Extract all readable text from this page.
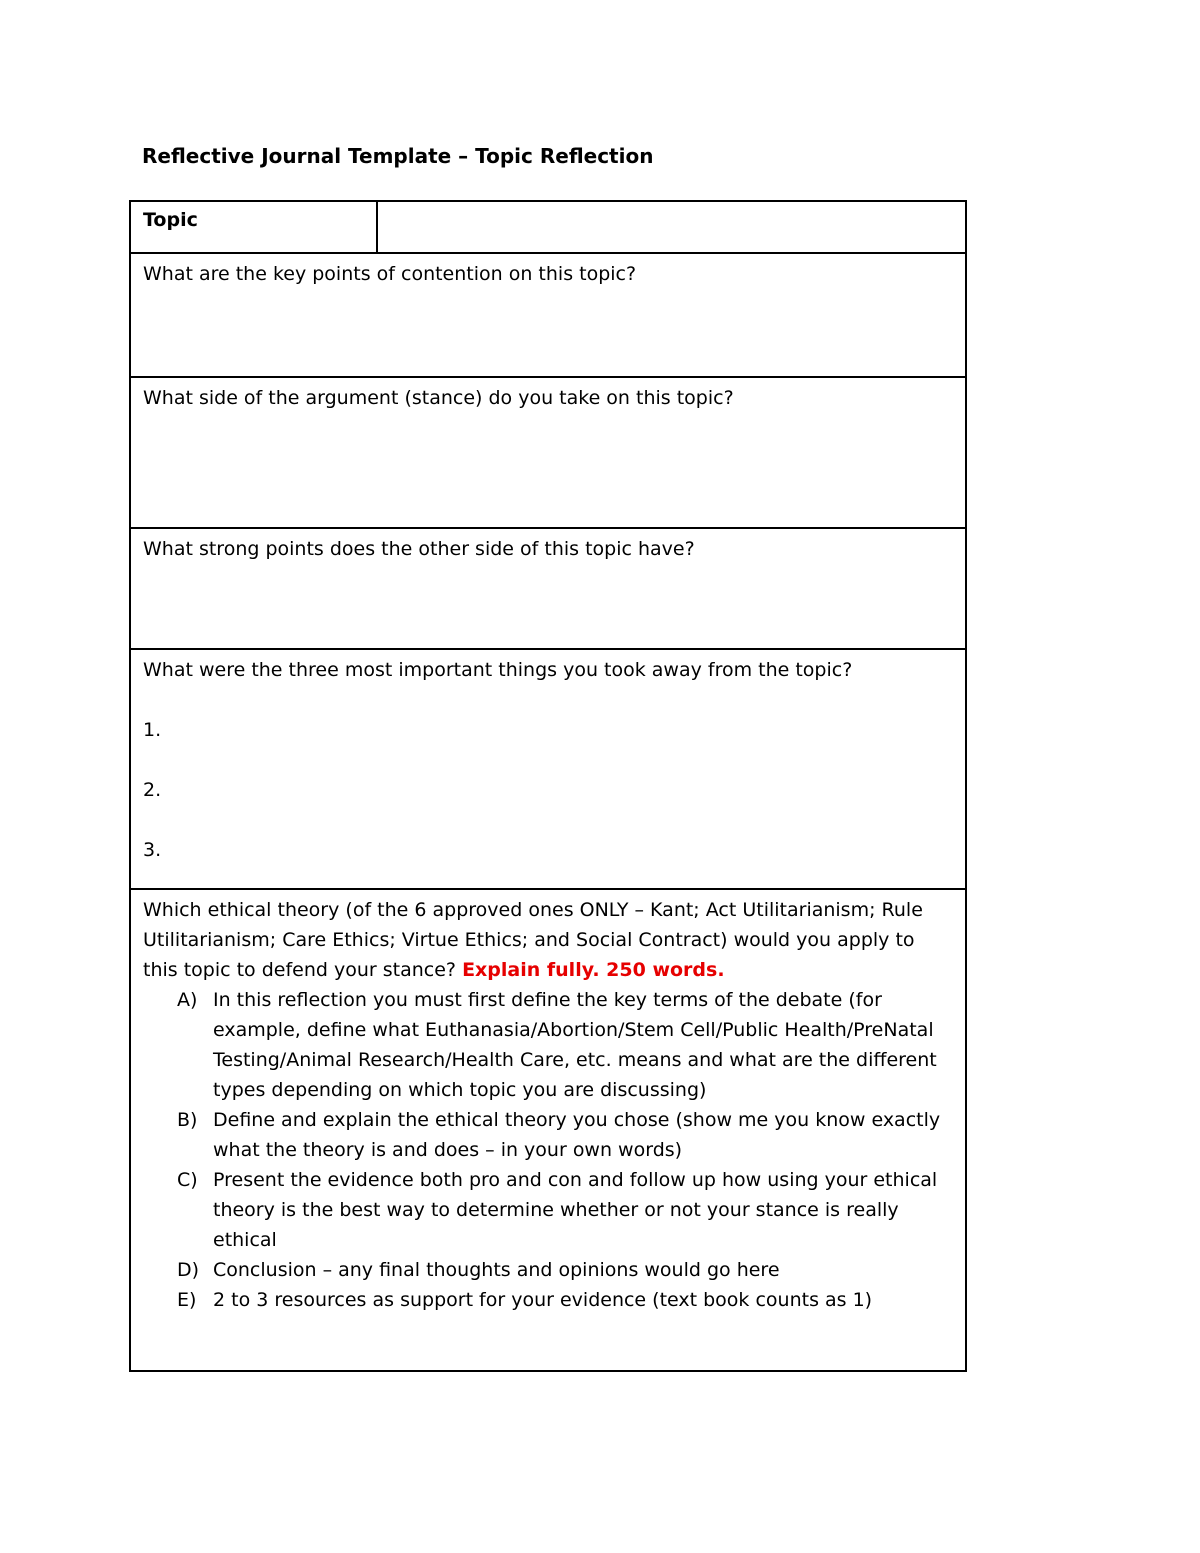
Reflective Journal Template – Topic Reflection
Topic
What are the key points of contention on this topic?
What side of the argument (stance) do you take on this topic?
What strong points does the other side of this topic have?
What were the three most important things you took away from the topic?
1.
2.
3.
Which ethical theory (of the 6 approved ones ONLY – Kant; Act Utilitarianism; Rule Utilitarianism; Care Ethics; Virtue Ethics; and Social Contract) would you apply to this topic to defend your stance? Explain fully. 250 words.
A) In this reflection you must first define the key terms of the debate (for example, define what Euthanasia/Abortion/Stem Cell/Public Health/PreNatal Testing/Animal Research/Health Care, etc. means and what are the different types depending on which topic you are discussing)
B) Define and explain the ethical theory you chose (show me you know exactly what the theory is and does – in your own words)
C) Present the evidence both pro and con and follow up how using your ethical theory is the best way to determine whether or not your stance is really ethical
D) Conclusion – any final thoughts and opinions would go here
E) 2 to 3 resources as support for your evidence (text book counts as 1)
